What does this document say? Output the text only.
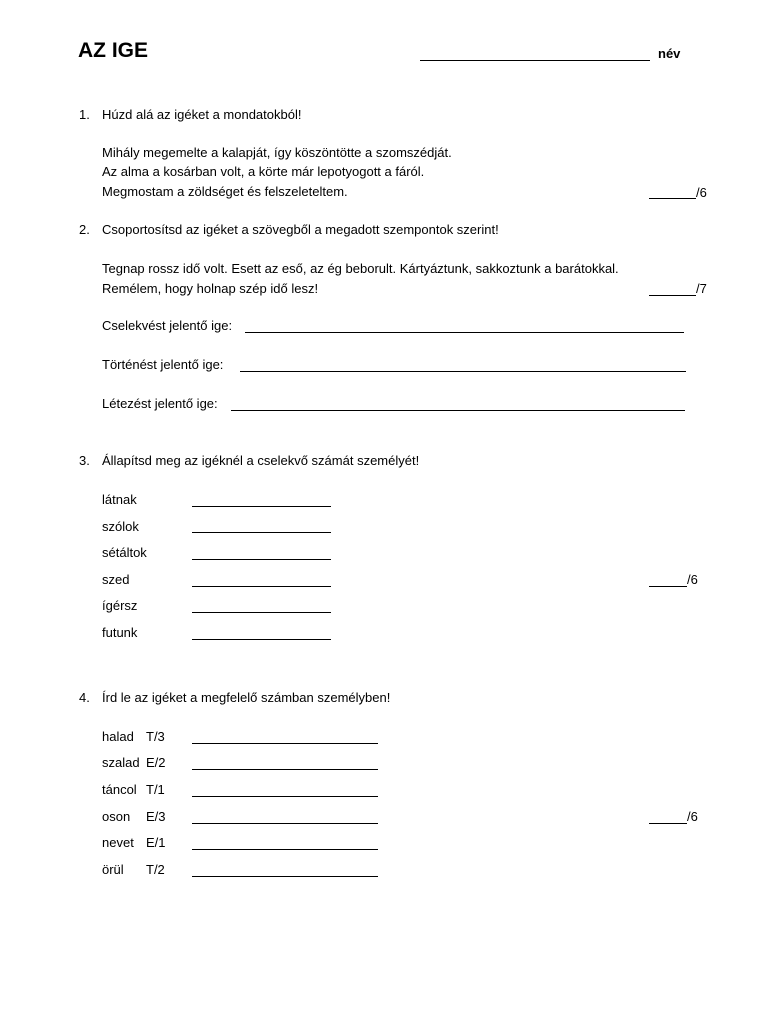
AZ IGE	név
1. Húzd alá az igéket a mondatokból!
Mihály megemelte a kalapját, így köszöntötte a szomszédját.
Az alma a kosárban volt, a körte már lepotyogott a fáról.
Megmostam a zöldséget és felszeleteltem.	/6
2. Csoportosítsd az igéket a szövegből a megadott szempontok szerint!
Tegnap rossz idő volt. Esett az eső, az ég beborult. Kártyáztunk, sakkoztunk a barátokkal.
Remélem, hogy holnap szép idő lesz!	/7
Cselekvést jelentő ige:
Történést jelentő ige:
Létezést jelentő ige:
3. Állapítsd meg az igéknél a cselekvő számát személyét!
látnak
szólok
sétáltok
szed
ígérsz
futunk
/6
4. Írd le az igéket a megfelelő számban személyben!
halad T/3
szalad E/2
táncol T/1
oson E/3
nevet E/1
örül T/2
/6
